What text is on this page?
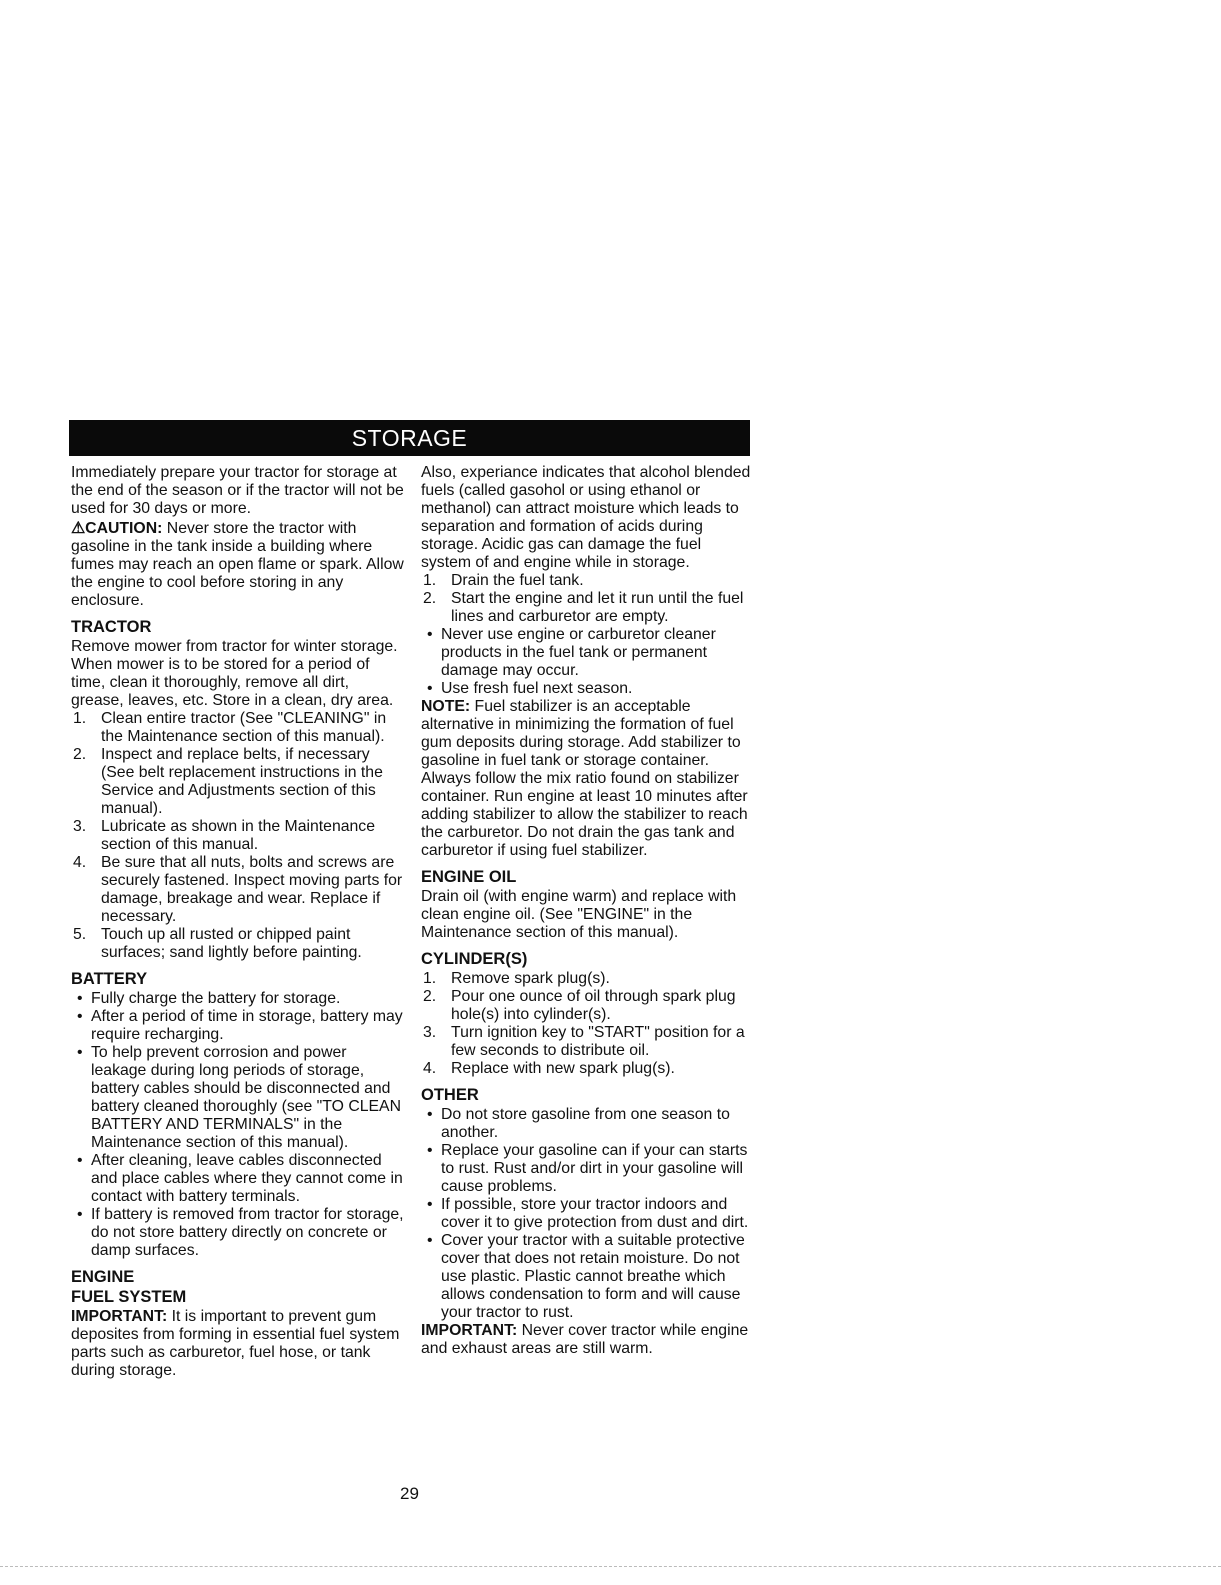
STORAGE

Immediately prepare your tractor for storage at the end of the season or if the tractor will not be used for 30 days or more.

⚠CAUTION: Never store the tractor with gasoline in the tank inside a building where fumes may reach an open flame or spark. Allow the engine to cool before storing in any enclosure.

TRACTOR

Remove mower from tractor for winter storage. When mower is to be stored for a period of time, clean it thoroughly, remove all dirt, grease, leaves, etc. Store in a clean, dry area.

1. Clean entire tractor (See "CLEANING" in the Maintenance section of this manual).
2. Inspect and replace belts, if necessary (See belt replacement instructions in the Service and Adjustments section of this manual).
3. Lubricate as shown in the Maintenance section of this manual.
4. Be sure that all nuts, bolts and screws are securely fastened. Inspect moving parts for damage, breakage and wear. Replace if necessary.
5. Touch up all rusted or chipped paint surfaces; sand lightly before painting.
BATTERY
• Fully charge the battery for storage.
• After a period of time in storage, battery may require recharging.
• To help prevent corrosion and power leakage during long periods of storage, battery cables should be disconnected and battery cleaned thoroughly (see "TO CLEAN BATTERY AND TERMINALS" in the Maintenance section of this manual).
• After cleaning, leave cables disconnected and place cables where they cannot come in contact with battery terminals.
• If battery is removed from tractor for storage, do not store battery directly on concrete or damp surfaces.
ENGINE
FUEL SYSTEM

IMPORTANT: It is important to prevent gum deposites from forming in essential fuel system parts such as carburetor, fuel hose, or tank during storage.

Also, experiance indicates that alcohol blended fuels (called gasohol or using ethanol or methanol) can attract moisture which leads to separation and formation of acids during storage. Acidic gas can damage the fuel system of and engine while in storage.

1. Drain the fuel tank.
2. Start the engine and let it run until the fuel lines and carburetor are empty.
• Never use engine or carburetor cleaner products in the fuel tank or permanent damage may occur.
• Use fresh fuel next season.

NOTE: Fuel stabilizer is an acceptable alternative in minimizing the formation of fuel gum deposits during storage. Add stabilizer to gasoline in fuel tank or storage container. Always follow the mix ratio found on stabilizer container. Run engine at least 10 minutes after adding stabilizer to allow the stabilizer to reach the carburetor. Do not drain the gas tank and carburetor if using fuel stabilizer.

ENGINE OIL

Drain oil (with engine warm) and replace with clean engine oil. (See "ENGINE" in the Maintenance section of this manual).

CYLINDER(S)
1. Remove spark plug(s).
2. Pour one ounce of oil through spark plug hole(s) into cylinder(s).
3. Turn ignition key to "START" position for a few seconds to distribute oil.
4. Replace with new spark plug(s).
OTHER
• Do not store gasoline from one season to another.
• Replace your gasoline can if your can starts to rust. Rust and/or dirt in your gasoline will cause problems.
• If possible, store your tractor indoors and cover it to give protection from dust and dirt.
• Cover your tractor with a suitable protective cover that does not retain moisture. Do not use plastic. Plastic cannot breathe which allows condensation to form and will cause your tractor to rust.

IMPORTANT: Never cover tractor while engine and exhaust areas are still warm.

29
